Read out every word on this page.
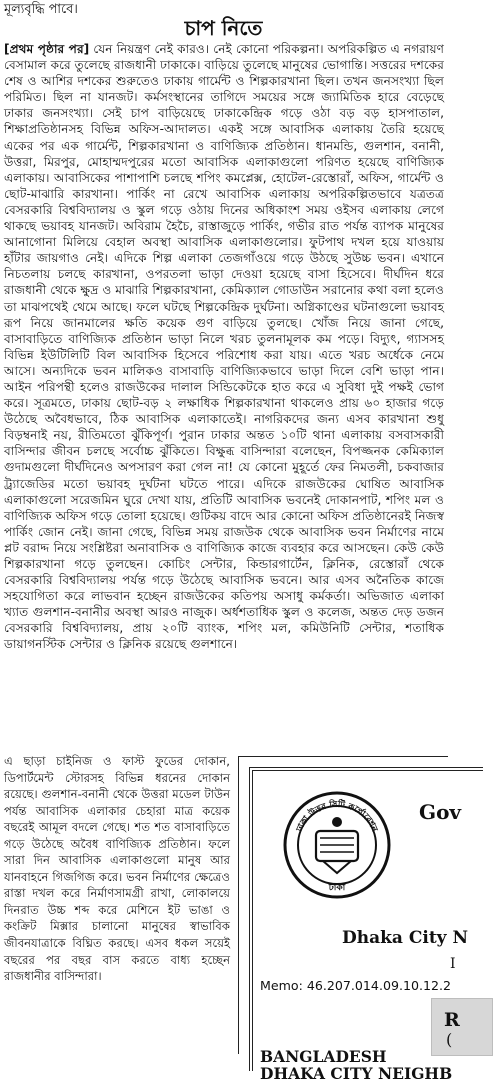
মূল্যবৃদ্ধি পাবে।
চাপ নিতে
[প্রথম পৃষ্ঠার পর] যেন নিয়ন্ত্রণ নেই কারও। নেই কোনো পরিকল্পনা। অপরিকল্পিত এ নগরায়ণ বেসামাল করে তুলেছে রাজধানী ঢাকাকে। বাড়িয়ে তুলেছে মানুষের ভোগান্তি। সত্তরের দশকের শেষ ও আশির দশকের শুরুতেও ঢাকায় গার্মেন্ট ও শিল্পকারখানা ছিল। তখন জনসংখ্যা ছিল পরিমিত। ছিল না যানজট। কর্মসংস্থানের তাগিদে সময়ের সঙ্গে জ্যামিতিক হারে বেড়েছে ঢাকার জনসংখ্যা। সেই চাপ বাড়িয়েছে ঢাকাকেন্দ্রিক গড়ে ওঠা বড় বড় হাসপাতাল, শিক্ষাপ্রতিষ্ঠানসহ বিভিন্ন অফিস-আদালত। একই সঙ্গে আবাসিক এলাকায় তৈরি হয়েছে একের পর এক গার্মেন্ট, শিল্পকারখানা ও বাণিজ্যিক প্রতিষ্ঠান। ধানমন্ডি, গুলশান, বনানী, উত্তরা, মিরপুর, মোহাম্মদপুরের মতো আবাসিক এলাকাগুলো পরিণত হয়েছে বাণিজ্যিক এলাকায়। আবাসিকের পাশাপাশি চলছে শপিং কমপ্লেক্স, হোটেল-রেস্তোরাঁ, অফিস, গার্মেন্ট ও ছোট-মাঝারি কারখানা। পার্কিং না রেখে আবাসিক এলাকায় অপরিকল্পিতভাবে যত্রতত্র বেসরকারি বিশ্ববিদ্যালয় ও স্কুল গড়ে ওঠায় দিনের অধিকাংশ সময় ওইসব এলাকায় লেগে থাকছে ভয়াবহ যানজট। অবিরাম হৈচৈ, রাস্তাজুড়ে পার্কিং, গভীর রাত পর্যন্ত ব্যাপক মানুষের আনাগোনা মিলিয়ে বেহাল অবস্থা আবাসিক এলাকাগুলোর। ফুটপাথ দখল হয়ে যাওয়ায় হাঁটার জায়গাও নেই। এদিকে শিল্প এলাকা তেজগাঁওয়ে গড়ে উঠছে সুউচ্চ ভবন। এখানে নিচতলায় চলছে কারখানা, ওপরতলা ভাড়া দেওয়া হয়েছে বাসা হিসেবে। দীর্ঘদিন ধরে রাজধানী থেকে ক্ষুদ্র ও মাঝারি শিল্পকারখানা, কেমিক্যাল গোডাউন সরানোর কথা বলা হলেও তা মাঝপথেই থেমে আছে। ফলে ঘটছে শিল্পকেন্দ্রিক দুর্ঘটনা। অগ্নিকাণ্ডের ঘটনাগুলো ভয়াবহ রূপ নিয়ে জানমালের ক্ষতি কয়েক গুণ বাড়িয়ে তুলছে। খোঁজ নিয়ে জানা গেছে, বাসাবাড়িতে বাণিজ্যিক প্রতিষ্ঠান ভাড়া নিলে খরচ তুলনামূলক কম পড়ে। বিদ্যুৎ, গ্যাসসহ বিভিন্ন ইউটিলিটি বিল আবাসিক হিসেবে পরিশোধ করা যায়। এতে খরচ অর্ধেকে নেমে আসে। অন্যদিকে ভবন মালিকও বাসাবাড়ি বাণিজ্যিকভাবে ভাড়া দিলে বেশি ভাড়া পান। আইন পরিপন্থী হলেও রাজউকের দালাল সিন্ডিকেটকে হাত করে এ সুবিধা দুই পক্ষই ভোগ করে। সূত্রমতে, ঢাকায় ছোট-বড় ২ লক্ষাধিক শিল্পকারখানা থাকলেও প্রায় ৬০ হাজার গড়ে উঠেছে অবৈধভাবে, ঠিক আবাসিক এলাকাতেই। নাগরিকদের জন্য এসব কারখানা শুধু বিড়ম্বনাই নয়, রীতিমতো ঝুঁকিপূর্ণ। পুরান ঢাকার অন্তত ১০টি থানা এলাকায় বসবাসকারী বাসিন্দার জীবন চলছে সর্বোচ্চ ঝুঁকিতে। বিক্ষুব্ধ বাসিন্দারা বলেছেন, বিপজ্জনক কেমিক্যাল গুদামগুলো দীর্ঘদিনেও অপসারণ করা গেল না! যে কোনো মুহূর্তে ফের নিমতলী, চকবাজার ট্র্যাজেডির মতো ভয়াবহ দুর্ঘটনা ঘটতে পারে। এদিকে রাজউকের ঘোষিত আবাসিক এলাকাগুলো সরেজমিন ঘুরে দেখা যায়, প্রতিটি আবাসিক ভবনেই দোকানপাট, শপিং মল ও বাণিজ্যিক অফিস গড়ে তোলা হয়েছে। গুটিকয় বাদে আর কোনো অফিস প্রতিষ্ঠানেরই নিজস্ব পার্কিং জোন নেই। জানা গেছে, বিভিন্ন সময় রাজউক থেকে আবাসিক ভবন নির্মাণের নামে প্লট বরাদ্দ নিয়ে সংশ্লিষ্টরা অনাবাসিক ও বাণিজ্যিক কাজে ব্যবহার করে আসছেন। কেউ কেউ শিল্পকারখানা গড়ে তুলছেন। কোচিং সেন্টার, কিন্ডারগার্টেন, ক্লিনিক, রেস্তোরাঁ থেকে বেসরকারি বিশ্ববিদ্যালয় পর্যন্ত গড়ে উঠেছে আবাসিক ভবনে। আর এসব অনৈতিক কাজে সহযোগিতা করে লাভবান হচ্ছেন রাজউকের কতিপয় অসাধু কর্মকর্তা। অভিজাত এলাকা খ্যাত গুলশান-বনানীর অবস্থা আরও নাজুক। অর্ধশতাধিক স্কুল ও কলেজ, অন্তত দেড় ডজন বেসরকারি বিশ্ববিদ্যালয়, প্রায় ২০টি ব্যাংক, শপিং মল, কমিউনিটি সেন্টার, শতাধিক ডায়াগনস্টিক সেন্টার ও ক্লিনিক রয়েছে গুলশানে।
এ ছাড়া চাইনিজ ও ফাস্ট ফুডের দোকান, ডিপার্টমেন্ট স্টোরসহ বিভিন্ন ধরনের দোকান রয়েছে। গুলশান-বনানী থেকে উত্তরা মডেল টাউন পর্যন্ত আবাসিক এলাকার চেহারা মাত্র কয়েক বছরেই আমূল বদলে গেছে। শত শত বাসাবাড়িতে গড়ে উঠেছে অবৈধ বাণিজ্যিক প্রতিষ্ঠান। ফলে সারা দিন আবাসিক এলাকাগুলো মানুষ আর যানবাহনে গিজগিজ করে। ভবন নির্মাণের ক্ষেত্রেও রাস্তা দখল করে নির্মাণসামগ্রী রাখা, লোকালয়ে দিনরাত উচ্চ শব্দ করে মেশিনে ইট ভাঙা ও কংক্রিট মিক্সার চালানো মানুষের স্বাভাবিক জীবনযাত্রাকে বিঘ্নিত করছে। এসব ধকল সয়েই বছরের পর বছর বাস করতে বাধ্য হচ্ছেন রাজধানীর বাসিন্দারা।
ঢাকা উত্তর সিটি কর্পোরেশন
ঢাকা
Gov
Dhaka City N
I
Memo: 46.207.014.09.10.12.2
R
(
BANGLADESH
DHAKA CITY NEIGHB
